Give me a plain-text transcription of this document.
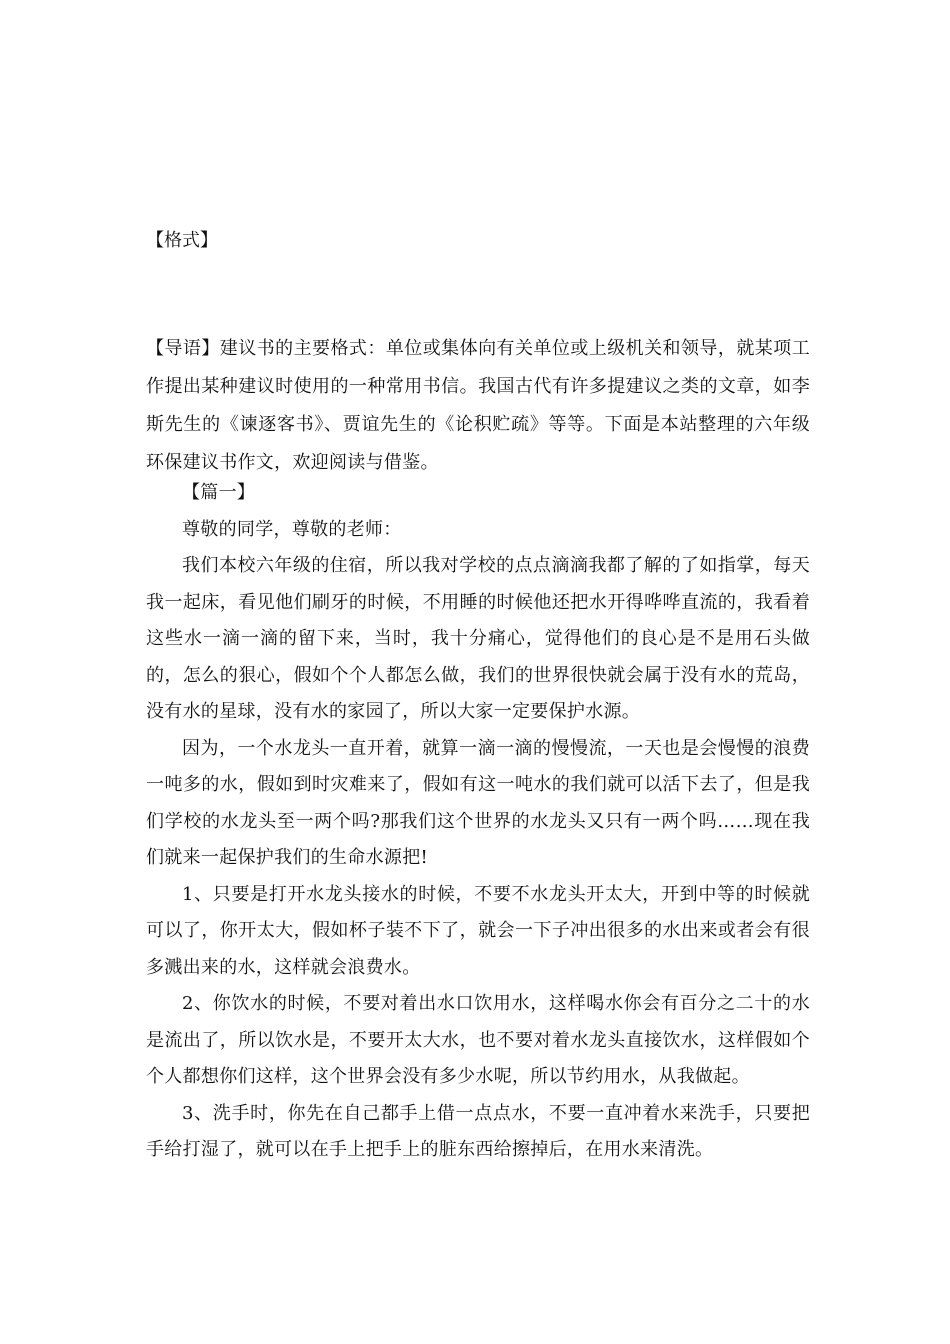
【格式】
【导语】建议书的主要格式：单位或集体向有关单位或上级机关和领导，就某项工作提出某种建议时使用的一种常用书信。我国古代有许多提建议之类的文章，如李斯先生的《谏逐客书》、贾谊先生的《论积贮疏》等等。下面是本站整理的六年级环保建议书作文，欢迎阅读与借鉴。

【篇一】

尊敬的同学，尊敬的老师：

我们本校六年级的住宿，所以我对学校的点点滴滴我都了解的了如指掌，每天我一起床，看见他们刷牙的时候，不用睡的时候他还把水开得哗哗直流的，我看着这些水一滴一滴的留下来，当时，我十分痛心，觉得他们的良心是不是用石头做的，怎么的狠心，假如个个人都怎么做，我们的世界很快就会属于没有水的荒岛，没有水的星球，没有水的家园了，所以大家一定要保护水源。

因为，一个水龙头一直开着，就算一滴一滴的慢慢流，一天也是会慢慢的浪费一吨多的水，假如到时灾难来了，假如有这一吨水的我们就可以活下去了，但是我们学校的水龙头至一两个吗?那我们这个世界的水龙头又只有一两个吗……现在我们就来一起保护我们的生命水源把!

1、只要是打开水龙头接水的时候，不要不水龙头开太大，开到中等的时候就可以了，你开太大，假如杯子装不下了，就会一下子冲出很多的水出来或者会有很多溅出来的水，这样就会浪费水。

2、你饮水的时候，不要对着出水口饮用水，这样喝水你会有百分之二十的水是流出了，所以饮水是，不要开太大水，也不要对着水龙头直接饮水，这样假如个个人都想你们这样，这个世界会没有多少水呢，所以节约用水，从我做起。

3、洗手时，你先在自己都手上借一点点水，不要一直冲着水来洗手，只要把手给打湿了，就可以在手上把手上的脏东西给擦掉后，在用水来清洗。
